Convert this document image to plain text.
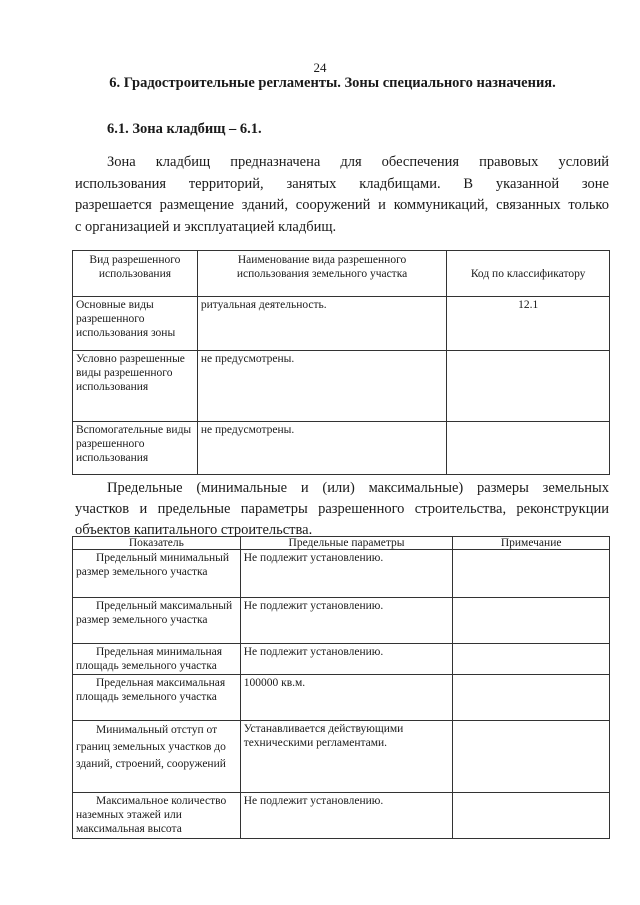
24
6. Градостроительные регламенты. Зоны специального назначения.
6.1. Зона кладбищ – 6.1.
Зона кладбищ предназначена для обеспечения правовых условий
использования территорий, занятых кладбищами. В указанной зоне
разрешается размещение зданий, сооружений и коммуникаций, связанных только
с организацией и эксплуатацией кладбищ.
Вид разрешенного использования	Наименование вида разрешенного использования земельного участка	Код по классификатору
Основные виды разрешенного использования зоны	ритуальная деятельность.	12.1
Условно разрешенные виды разрешенного использования	не предусмотрены.	
Вспомогательные виды разрешенного использования	не предусмотрены.	
Предельные (минимальные и (или) максимальные) размеры земельных
участков и предельные параметры разрешенного строительства, реконструкции
объектов капитального строительства.
Показатель	Предельные параметры	Примечание
Предельный минимальный размер земельного участка	Не подлежит установлению.	
Предельный максимальный размер земельного участка	Не подлежит установлению.	
Предельная минимальная площадь земельного участка	Не подлежит установлению.	
Предельная максимальная площадь земельного участка	100000 кв.м.	
Минимальный отступ от границ земельных участков до зданий, строений, сооружений	Устанавливается действующими техническими регламентами.	
Максимальное количество наземных этажей или максимальная высота	Не подлежит установлению.	
